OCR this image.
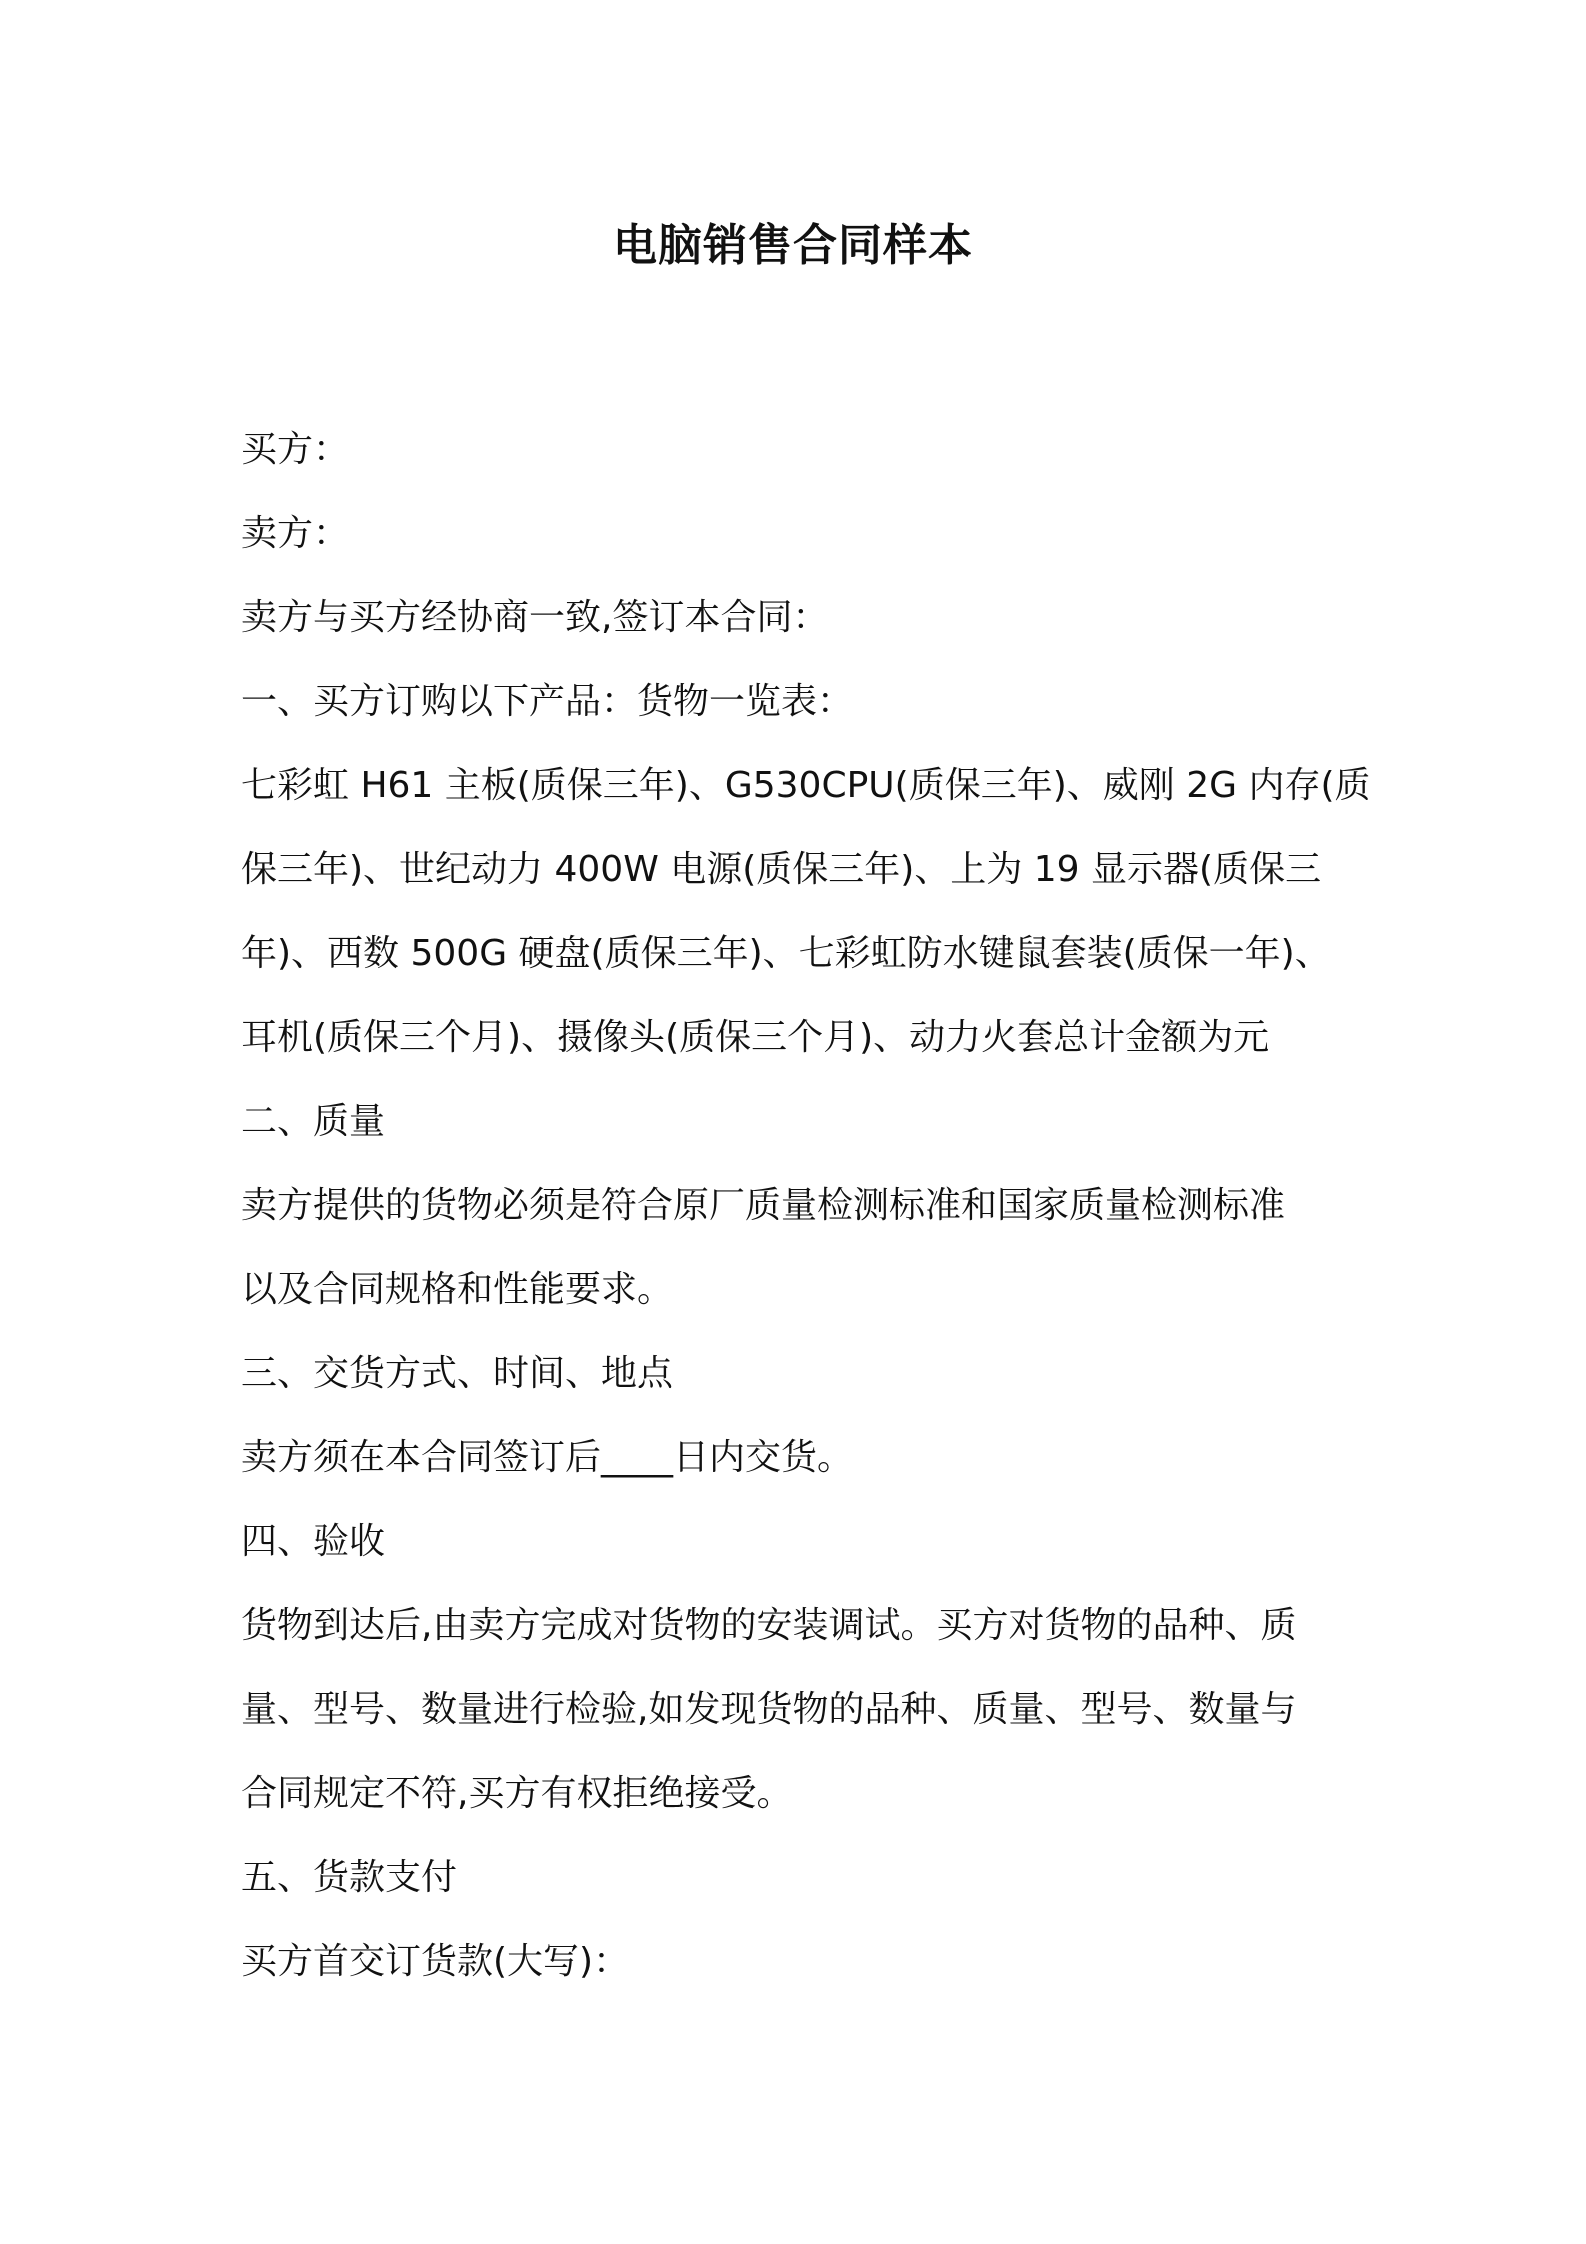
电脑销售合同样本
买方：
卖方：
卖方与买方经协商一致,签订本合同：
一、买方订购以下产品：货物一览表：
七彩虹 H61 主板(质保三年)、G530CPU(质保三年)、威刚 2G 内存(质
保三年)、世纪动力 400W 电源(质保三年)、上为 19 显示器(质保三
年)、西数 500G 硬盘(质保三年)、七彩虹防水键鼠套装(质保一年)、
耳机(质保三个月)、摄像头(质保三个月)、动力火套总计金额为元
二、质量
卖方提供的货物必须是符合原厂质量检测标准和国家质量检测标准
以及合同规格和性能要求。
三、交货方式、时间、地点
卖方须在本合同签订后____日内交货。
四、验收
货物到达后,由卖方完成对货物的安装调试。买方对货物的品种、质
量、型号、数量进行检验,如发现货物的品种、质量、型号、数量与
合同规定不符,买方有权拒绝接受。
五、货款支付
买方首交订货款(大写)：
